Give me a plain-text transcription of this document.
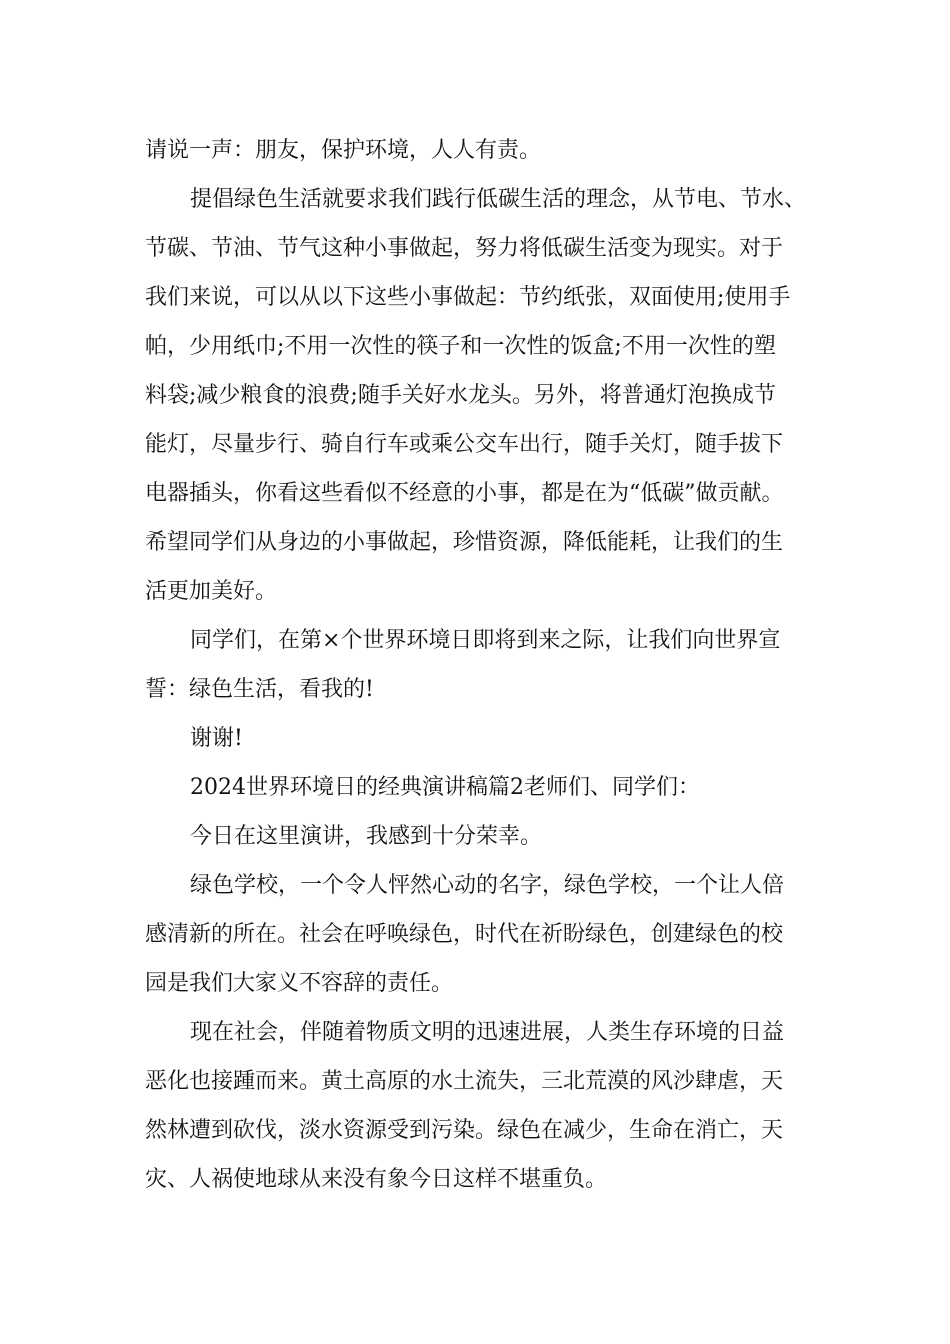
请说一声：朋友，保护环境，人人有责。

提倡绿色生活就要求我们践行低碳生活的理念，从节电、节水、

节碳、节油、节气这种小事做起，努力将低碳生活变为现实。对于

我们来说，可以从以下这些小事做起：节约纸张，双面使用;使用手

帕，少用纸巾;不用一次性的筷子和一次性的饭盒;不用一次性的塑

料袋;减少粮食的浪费;随手关好水龙头。另外，将普通灯泡换成节

能灯，尽量步行、骑自行车或乘公交车出行，随手关灯，随手拔下

电器插头，你看这些看似不经意的小事，都是在为“低碳”做贡献。

希望同学们从身边的小事做起，珍惜资源，降低能耗，让我们的生

活更加美好。

同学们，在第×个世界环境日即将到来之际，让我们向世界宣

誓：绿色生活，看我的!

谢谢!

2024世界环境日的经典演讲稿篇2老师们、同学们：

今日在这里演讲，我感到十分荣幸。

绿色学校，一个令人怦然心动的名字，绿色学校，一个让人倍

感清新的所在。社会在呼唤绿色，时代在祈盼绿色，创建绿色的校

园是我们大家义不容辞的责任。

现在社会，伴随着物质文明的迅速进展，人类生存环境的日益

恶化也接踵而来。黄土高原的水土流失，三北荒漠的风沙肆虐，天

然林遭到砍伐，淡水资源受到污染。绿色在减少，生命在消亡，天

灾、人祸使地球从来没有象今日这样不堪重负。
